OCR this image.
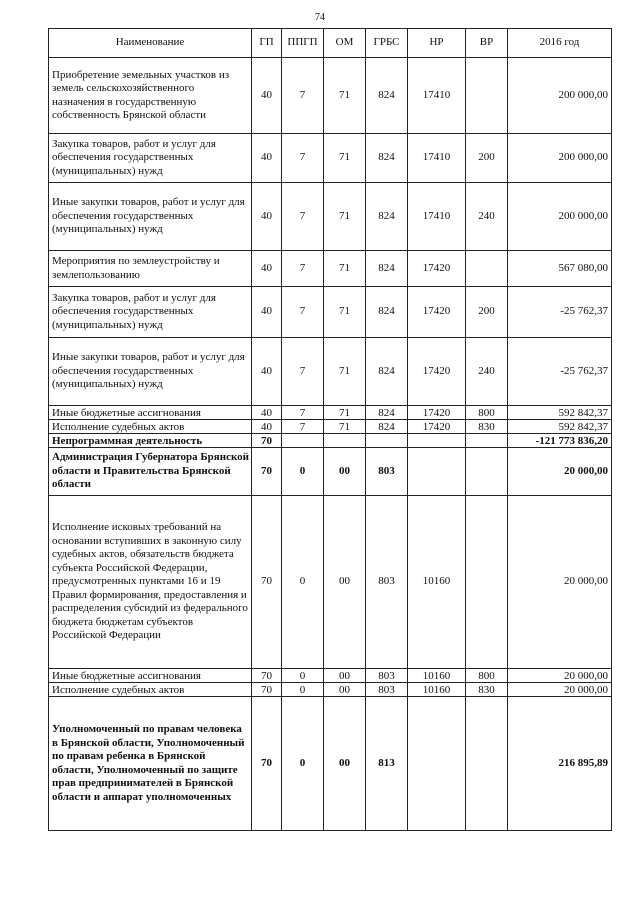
74
Наименование	ГП	ППГП	ОМ	ГРБС	НР	ВР	2016 год
Приобретение земельных участков из земель сельскохозяйственного назначения в государственную собственность Брянской области	40	7	71	824	17410		200 000,00
Закупка товаров, работ и услуг для обеспечения государственных (муниципальных) нужд	40	7	71	824	17410	200	200 000,00
Иные закупки товаров, работ и услуг для обеспечения государственных (муниципальных) нужд	40	7	71	824	17410	240	200 000,00
Мероприятия по землеустройству и землепользованию	40	7	71	824	17420		567 080,00
Закупка товаров, работ и услуг для обеспечения государственных (муниципальных) нужд	40	7	71	824	17420	200	-25 762,37
Иные закупки товаров, работ и услуг для обеспечения государственных (муниципальных) нужд	40	7	71	824	17420	240	-25 762,37
Иные бюджетные ассигнования	40	7	71	824	17420	800	592 842,37
Исполнение судебных актов	40	7	71	824	17420	830	592 842,37
Непрограммная деятельность	70						-121 773 836,20
Администрация Губернатора Брянской области и Правительства Брянской области	70	0	00	803			20 000,00
Исполнение исковых требований на основании вступивших в законную силу судебных актов, обязательств бюджета субъекта Российской Федерации, предусмотренных пунктами 16 и 19 Правил формирования, предоставления и распределения субсидий из федерального бюджета бюджетам субъектов Российской Федерации	70	0	00	803	10160		20 000,00
Иные бюджетные ассигнования	70	0	00	803	10160	800	20 000,00
Исполнение судебных актов	70	0	00	803	10160	830	20 000,00
Уполномоченный по правам человека в Брянской области, Уполномоченный по правам ребенка в Брянской области, Уполномоченный по защите прав предпринимателей в Брянской области и аппарат уполномоченных	70	0	00	813			216 895,89
